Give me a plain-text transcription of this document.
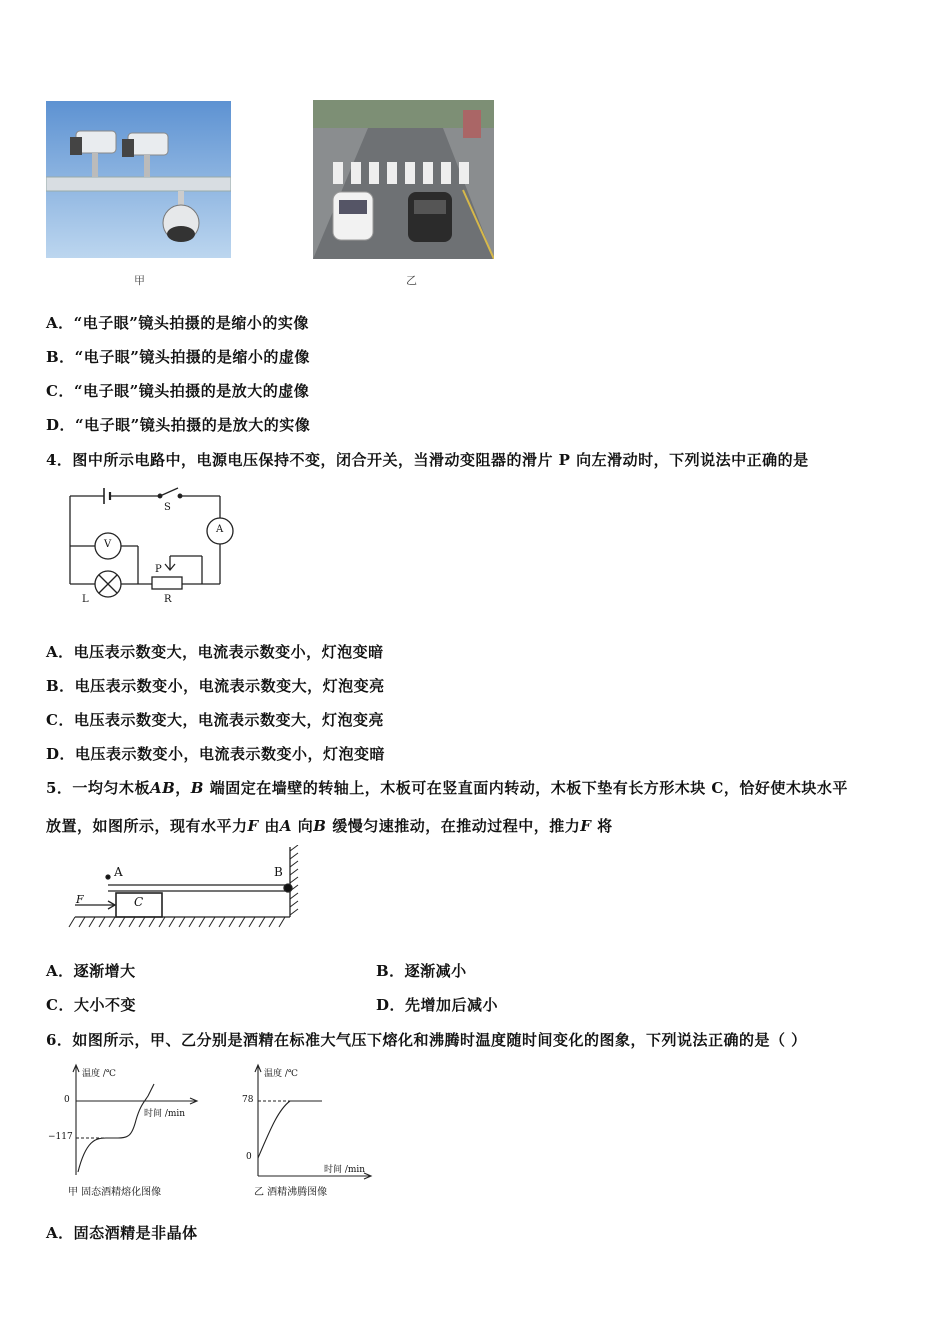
甲	乙
A．“电子眼”镜头拍摄的是缩小的实像
B．“电子眼”镜头拍摄的是缩小的虚像
C．“电子眼”镜头拍摄的是放大的虚像
D．“电子眼”镜头拍摄的是放大的实像
4．图中所示电路中，电源电压保持不变，闭合开关，当滑动变阻器的滑片 P 向左滑动时，下列说法中正确的是
S
A
V
P
L	R
A．电压表示数变大，电流表示数变小，灯泡变暗
B．电压表示数变小，电流表示数变大，灯泡变亮
C．电压表示数变大，电流表示数变大，灯泡变亮
D．电压表示数变小，电流表示数变小，灯泡变暗
5．一均匀木板AB，B 端固定在墙壁的转轴上，木板可在竖直面内转动，木板下垫有长方形木块 C，恰好使木块水平
放置，如图所示，现有水平力F 由A 向B 缓慢匀速推动，在推动过程中，推力F 将
A	B
C
F
A．逐渐增大	B．逐渐减小
C．大小不变	D．先增加后减小
6．如图所示，甲、乙分别是酒精在标准大气压下熔化和沸腾时温度随时间变化的图象，下列说法正确的是（ ）
温度 /℃
时间 /min
0
−117
甲 固态酒精熔化图像
温度 /℃
时间 /min
78
0
乙 酒精沸腾图像
A．固态酒精是非晶体
